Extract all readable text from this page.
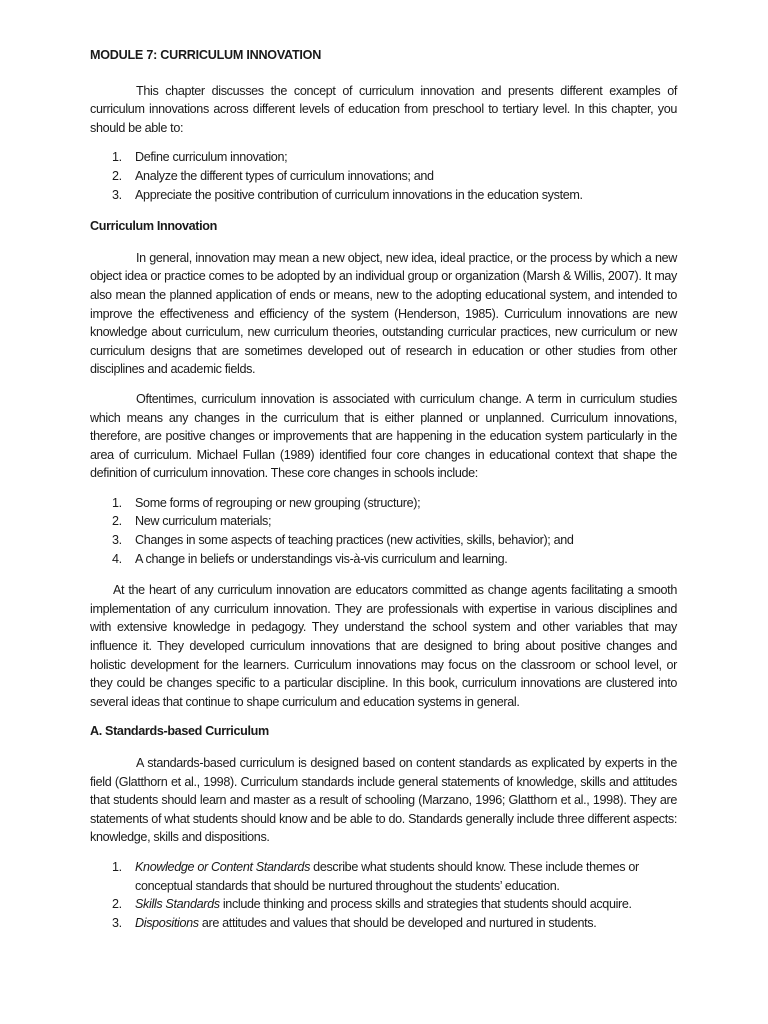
MODULE 7: CURRICULUM INNOVATION

This chapter discusses the concept of curriculum innovation and presents different examples of curriculum innovations across different levels of education from preschool to tertiary level. In this chapter, you should be able to:

1. Define curriculum innovation;
2. Analyze the different types of curriculum innovations; and
3. Appreciate the positive contribution of curriculum innovations in the education system.
Curriculum Innovation

In general, innovation may mean a new object, new idea, ideal practice, or the process by which a new object idea or practice comes to be adopted by an individual group or organization (Marsh & Willis, 2007). It may also mean the planned application of ends or means, new to the adopting educational system, and intended to improve the effectiveness and efficiency of the system (Henderson, 1985). Curriculum innovations are new knowledge about curriculum, new curriculum theories, outstanding curricular practices, new curriculum or new curriculum designs that are sometimes developed out of research in education or other studies from other disciplines and academic fields.

Oftentimes, curriculum innovation is associated with curriculum change. A term in curriculum studies which means any changes in the curriculum that is either planned or unplanned. Curriculum innovations, therefore, are positive changes or improvements that are happening in the education system particularly in the area of curriculum. Michael Fullan (1989) identified four core changes in educational context that shape the definition of curriculum innovation. These core changes in schools include:

1. Some forms of regrouping or new grouping (structure);
2. New curriculum materials;
3. Changes in some aspects of teaching practices (new activities, skills, behavior); and
4. A change in beliefs or understandings vis-à-vis curriculum and learning.

At the heart of any curriculum innovation are educators committed as change agents facilitating a smooth implementation of any curriculum innovation. They are professionals with expertise in various disciplines and with extensive knowledge in pedagogy. They understand the school system and other variables that may influence it. They developed curriculum innovations that are designed to bring about positive changes and holistic development for the learners. Curriculum innovations may focus on the classroom or school level, or they could be changes specific to a particular discipline. In this book, curriculum innovations are clustered into several ideas that continue to shape curriculum and education systems in general.

A. Standards-based Curriculum

A standards-based curriculum is designed based on content standards as explicated by experts in the field (Glatthorn et al., 1998). Curriculum standards include general statements of knowledge, skills and attitudes that students should learn and master as a result of schooling (Marzano, 1996; Glatthorn et al., 1998). They are statements of what students should know and be able to do. Standards generally include three different aspects: knowledge, skills and dispositions.

1. Knowledge or Content Standards describe what students should know. These include themes or conceptual standards that should be nurtured throughout the students’ education.
2. Skills Standards include thinking and process skills and strategies that students should acquire.
3. Dispositions are attitudes and values that should be developed and nurtured in students.
